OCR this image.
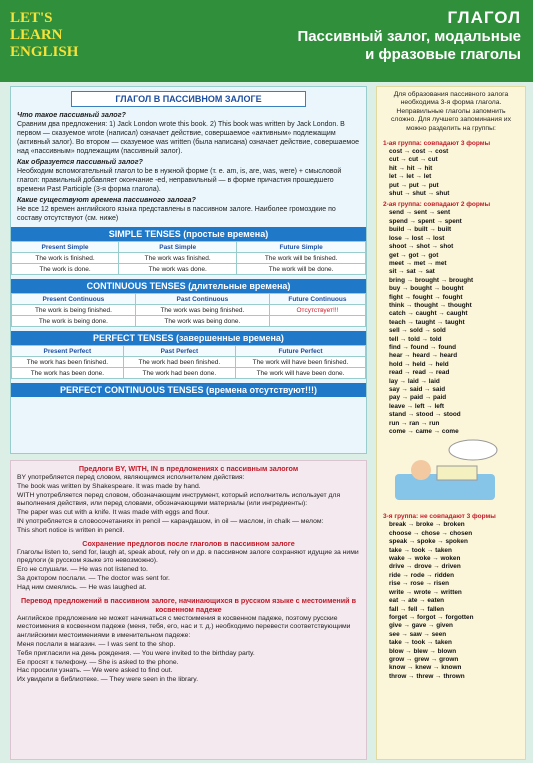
LET'S
LEARN
ENGLISH
ГЛАГОЛ
Пассивный залог, модальные
и фразовые глаголы
ГЛАГОЛ В ПАССИВНОМ ЗАЛОГЕ
Что такое пассивный залог?
Сравним два предложения: 1) Jack London wrote this book. 2) This book was written by Jack London. В первом — сказуемое wrote (написал) означает действие, совершаемое «активным» подлежащим (активный залог). Во втором — сказуемое was written (была написана) означает действие, совершаемое над «пассивным» подлежащим (пассивный залог).
Как образуется пассивный залог?
Необходим вспомогательный глагол to be в нужной форме (т. е. am, is, are, was, were) + смысловой глагол: правильный добавляет окончание -ed, неправильный — в форме причастия прошедшего времени Past Participle (3-я форма глагола).
Какие существуют времена пассивного залога?
Не все 12 времен английского языка представлены в пассивном залоге. Наиболее громоздкие по составу отсутствуют (см. ниже)
SIMPLE TENSES (простые времена)
Present Simple	Past Simple	Future Simple
The work is finished.	The work was finished.	The work will be finished.
The work is done.	The work was done.	The work will be done.
CONTINUOUS TENSES (длительные времена)
Present Continuous	Past Continuous	Future Continuous
The work is being finished.	The work was being finished.	Отсутствует!!!
The work is being done.	The work was being done.	
PERFECT TENSES (завершенные времена)
Present Perfect	Past Perfect	Future Perfect
The work has been finished.	The work had been finished.	The work will have been finished.
The work has been done.	The work had been done.	The work will have been done.
PERFECT CONTINUOUS TENSES (времена отсутствуют!!!)
Предлоги BY, WITH, IN в предложениях с пассивным залогом
BY употребляется перед словом, являющимся исполнителем действия:
The book was written by Shakespeare. It was made by hand.
WITH употребляется перед словом, обозначающим инструмент, который исполнитель использует для выполнения действия, или перед словами, обозначающими материалы (или ингредиенты):
The paper was cut with a knife. It was made with eggs and flour.
IN употребляется в словосочетаниях in pencil — карандашом, in oil — маслом, in chalk — мелом:
This short notice is written in pencil.
Сохранение предлогов после глаголов в пассивном залоге
Глаголы listen to, send for, laugh at, speak about, rely on и др. в пассивном залоге сохраняют идущие за ними предлоги (в русском языке это невозможно).
Его не слушали. — He was not listened to.
За доктором послали. — The doctor was sent for.
Над ним смеялись. — He was laughed at.
Перевод предложений в пассивном залоге, начинающихся в русском языке с местоимений в косвенном падеже
Английское предложение не может начинаться с местоимения в косвенном падеже, поэтому русские местоимения в косвенном падеже (меня, тебя, его, нас и т. д.) необходимо перевести соответствующими английскими местоимениями в именительном падеже:
Меня послали в магазин. — I was sent to the shop.
Тебя пригласили на день рождения. — You were invited to the birthday party.
Ее просят к телефону. — She is asked to the phone.
Нас просили узнать. — We were asked to find out.
Их увидели в библиотеке. — They were seen in the library.
Для образования пассивного залога необходима 3-я форма глагола. Неправильные глаголы запомнить сложно. Для лучшего запоминания их можно разделить на группы:
1-ая группа: совпадают 3 формы
cost → cost → cost
cut → cut → cut
hit → hit → hit
let → let → let
put → put → put
shut → shut → shut
2-ая группа: совпадают 2 формы
send → sent → sent
spend → spent → spent
build → built → built
lose → lost → lost
shoot → shot → shot
get → got → got
meet → met → met
sit → sat → sat
bring → brought → brought
buy → bought → bought
fight → fought → fought
think → thought → thought
catch → caught → caught
teach → taught → taught
sell → sold → sold
tell → told → told
find → found → found
hear → heard → heard
hold → held → held
read → read → read
lay → laid → laid
say → said → said
pay → paid → paid
leave → left → left
stand → stood → stood
run → ran → run
come → came → come
3-я группа: не совпадают 3 формы
break → broke → broken
choose → chose → chosen
speak → spoke → spoken
take → took → taken
wake → woke → woken
drive → drove → driven
ride → rode → ridden
rise → rose → risen
write → wrote → written
eat → ate → eaten
fall → fell → fallen
forget → forgot → forgotten
give → gave → given
see → saw → seen
take → took → taken
blow → blew → blown
grow → grew → grown
know → knew → known
throw → threw → thrown
